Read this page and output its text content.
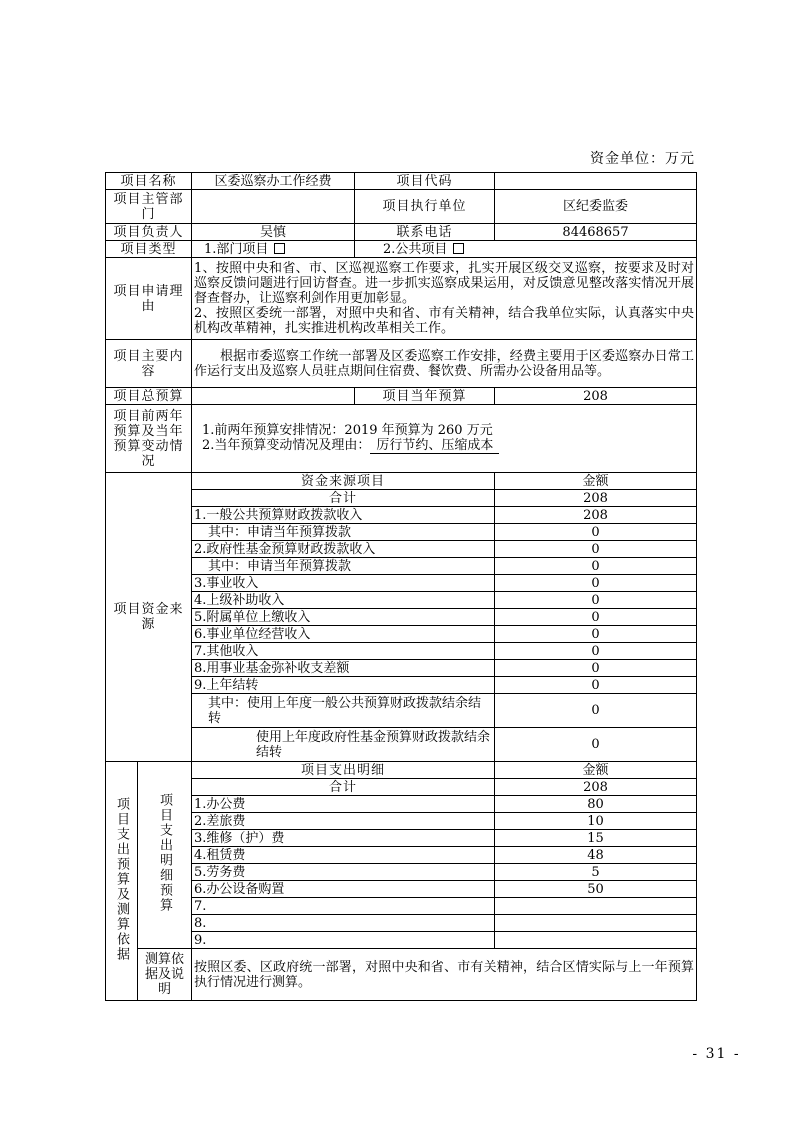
资金单位：万元
项目名称		区委巡察办工作经费	项目代码	
项目主管部门			项目执行单位	区纪委监委
项目负责人		吴慎	联系电话	84468657
项目类型		1.部门项目	2.公共项目	
项目申请理由		1、按照中央和省、市、区巡视巡察工作要求，扎实开展区级交叉巡察，按要求及时对巡察反馈问题进行回访督查。进一步抓实巡察成果运用，对反馈意见整改落实情况开展督查督办，让巡察利剑作用更加彰显。
2、按照区委统一部署，对照中央和省、市有关精神，结合我单位实际，认真落实中央机构改革精神，扎实推进机构改革相关工作。		
项目主要内容		根据市委巡察工作统一部署及区委巡察工作安排，经费主要用于区委巡察办日常工作运行支出及巡察人员驻点期间住宿费、餐饮费、所需办公设备用品等。		
项目总预算			项目当年预算	208
项目前两年预算及当年预算变动情况		1.前两年预算安排情况：2019 年预算为 260 万元
2.当年预算变动情况及理由： 厉行节约、压缩成本		

项目资金来源		资金来源项目		金额
		合计		208
		1.一般公共预算财政拨款收入		208
		其中：申请当年预算拨款		0
		2.政府性基金预算财政拨款收入		0
		其中：申请当年预算拨款		0
		3.事业收入		0
		4.上级补助收入		0
		5.附属单位上缴收入		0
		6.事业单位经营收入		0
		7.其他收入		0
		8.用事业基金弥补收支差额		0
		9.上年结转		0
		其中：使用上年度一般公共预算财政拨款结余结转		0
		使用上年度政府性基金预算财政拨款结余结转		0
项目支出预算及测算依据	项目支出明细预算	项目支出明细		金额
		合计		208
		1.办公费		80
		2.差旅费		10
		3.维修（护）费		15
		4.租赁费		48
		5.劳务费		5
		6.办公设备购置		50
		7.		
		8.		
		9.		
	测算依据及说明	按照区委、区政府统一部署，对照中央和省、市有关精神，结合区情实际与上一年预算执行情况进行测算。		
- 31 -
